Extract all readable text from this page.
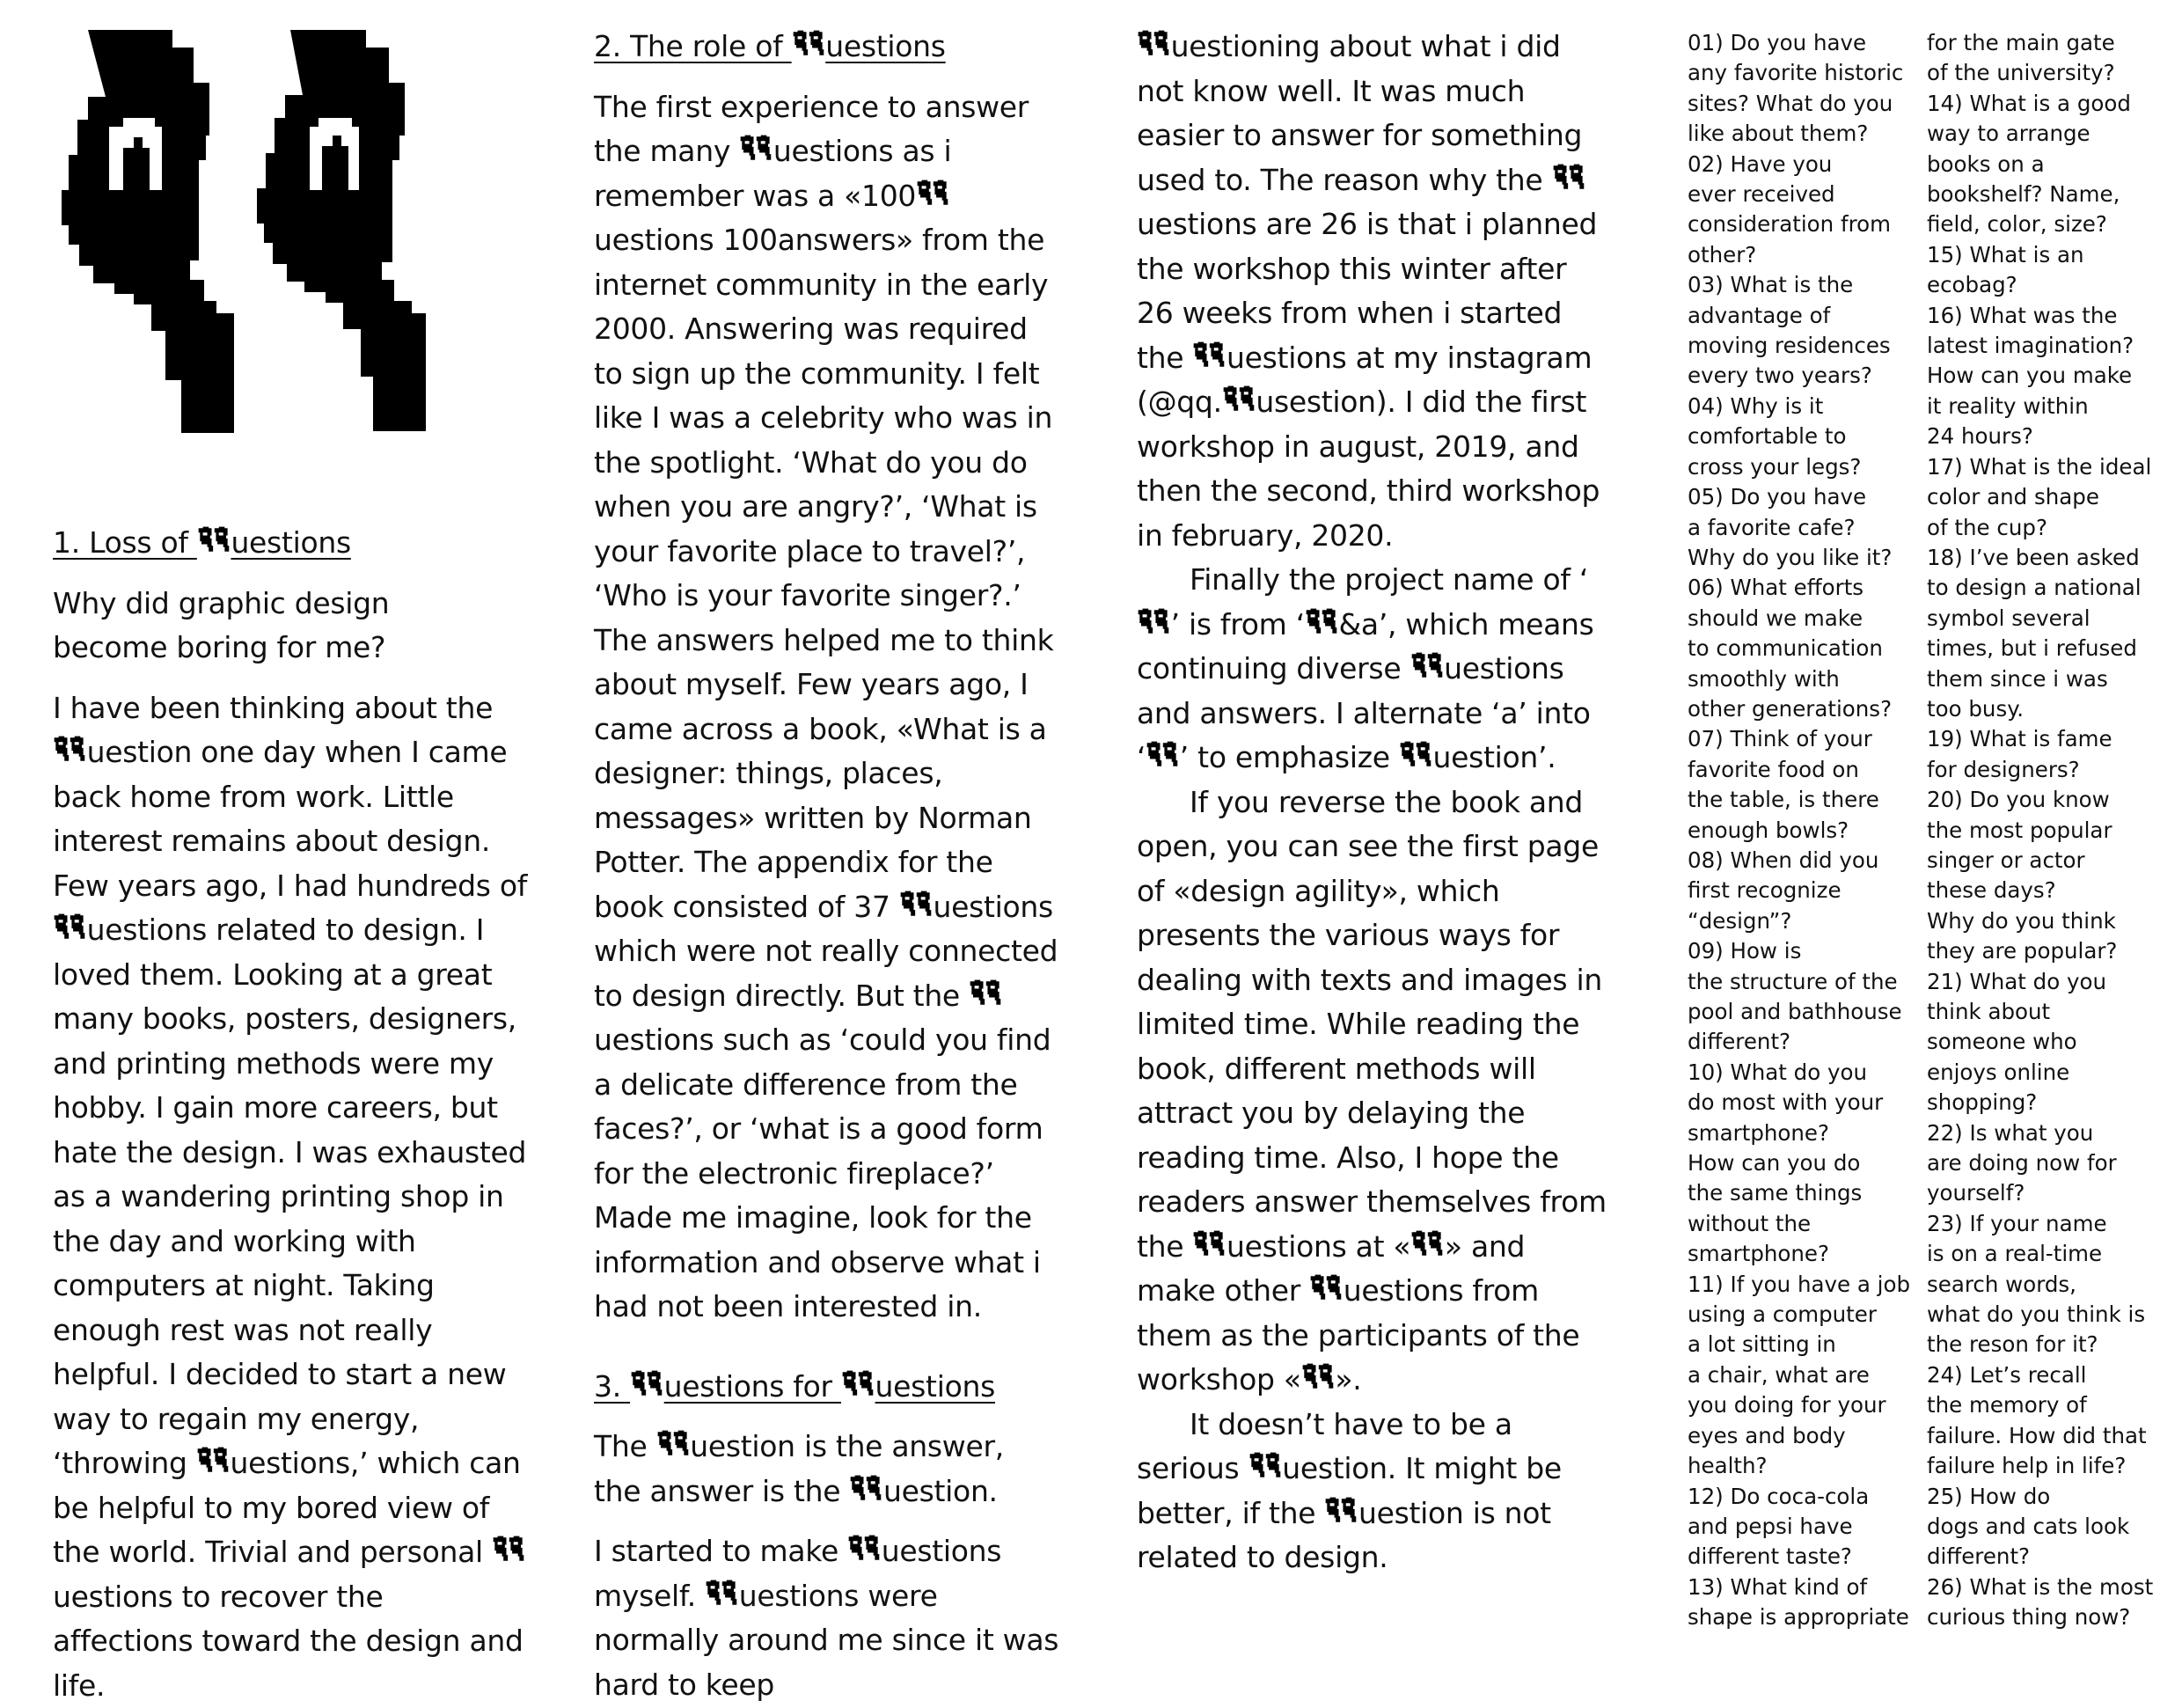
1. Loss of uestions

Why did graphic design become boring for me?

I have been thinking about the uestion one day when I came back home from work. Little interest remains about design. Few years ago, I had hundreds of uestions related to design. I loved them. Looking at a great many books, posters, designers, and printing methods were my hobby. I gain more careers, but hate the design. I was exhausted as a wandering printing shop in the day and working with computers at night. Taking enough rest was not really helpful. I decided to start a new way to regain my energy, ‘throwing uestions,’ which can be helpful to my bored view of the world. Trivial and personal uestions to recover the affections toward the design and life.

2. The role of uestions

The first experience to answer the many uestions as i remember was a «100uestions 100answers» from the internet community in the early 2000. Answering was required to sign up the community. I felt like I was a celebrity who was in the spotlight. ‘What do you do when you are angry?’, ‘What is your favorite place to travel?’, ‘Who is your favorite singer?.’ The answers helped me to think about myself. Few years ago, I came across a book, «What is a designer: things, places, messages» written by Norman Potter. The appendix for the book consisted of 37 uestions which were not really connected to design directly. But the uestions such as ‘could you find a delicate difference from the faces?’, or ‘what is a good form for the electronic fireplace?’ Made me imagine, look for the information and observe what i had not been interested in.

3. uestions for uestions

The uestion is the answer, the answer is the uestion.

I started to make uestions myself. uestions were normally around me since it was hard to keep

uestioning about what i did not know well. It was much easier to answer for something used to. The reason why the uestions are 26 is that i planned the workshop this winter after 26 weeks from when i started the uestions at my instagram (@qq. usestion). I did the first workshop in august, 2019, and then the second, third workshop in february, 2020.

Finally the project name of ‘’ is from ‘ &a’, which means continuing diverse uestions and answers. I alternate ‘a’ into ‘ ’ to emphasize uestion’.

If you reverse the book and open, you can see the first page of «design agility», which presents the various ways for dealing with texts and images in limited time. While reading the book, different methods will attract you by delaying the reading time. Also, I hope the readers answer themselves from the uestions at « » and make other uestions from them as the participants of the workshop « ».

It doesn’t have to be a serious uestion. It might be better, if the uestion is not related to design.

01) Do you have
any favorite historic
sites? What do you
like about them?
02) Have you
ever received
consideration from
other?
03) What is the
advantage of
moving residences
every two years?
04) Why is it
comfortable to
cross your legs?
05) Do you have
a favorite cafe?
Why do you like it?
06) What efforts
should we make
to communication
smoothly with
other generations?
07) Think of your
favorite food on
the table, is there
enough bowls?
08) When did you
first recognize
“design”?
09) How is
the structure of the
pool and bathhouse
different?
10) What do you
do most with your
smartphone?
How can you do
the same things
without the
smartphone?
11) If you have a job
using a computer
a lot sitting in
a chair, what are
you doing for your
eyes and body
health?
12) Do coca-cola
and pepsi have
different taste?
13) What kind of
shape is appropriate
for the main gate
of the university?
14) What is a good
way to arrange
books on a
bookshelf? Name,
field, color, size?
15) What is an
ecobag?
16) What was the
latest imagination?
How can you make
it reality within
24 hours?
17) What is the ideal
color and shape
of the cup?
18) I’ve been asked
to design a national
symbol several
times, but i refused
them since i was
too busy.
19) What is fame
for designers?
20) Do you know
the most popular
singer or actor
these days?
Why do you think
they are popular?
21) What do you
think about
someone who
enjoys online
shopping?
22) Is what you
are doing now for
yourself?
23) If your name
is on a real-time
search words,
what do you think is
the reson for it?
24) Let’s recall
the memory of
failure. How did that
failure help in life?
25) How do
dogs and cats look
different?
26) What is the most
curious thing now?
